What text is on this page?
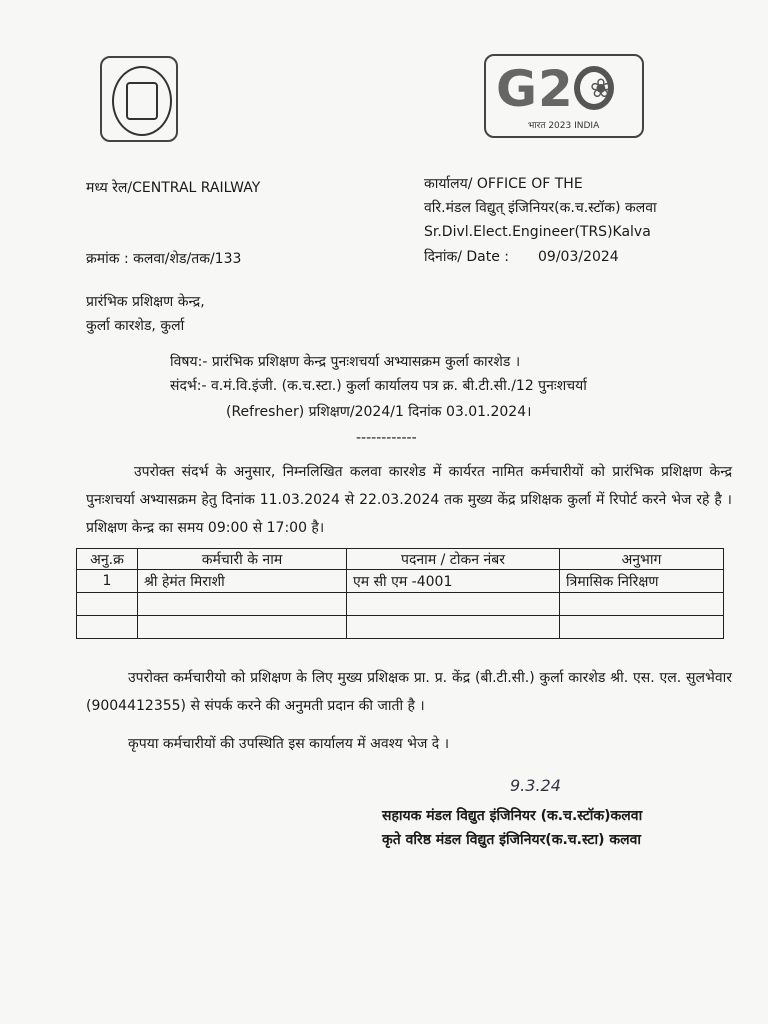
G2 ❀
भारत 2023 INDIA
मध्य रेल/CENTRAL RAILWAY	कार्यालय/ OFFICE OF THE
वरि.मंडल विद्युत् इंजिनियर(क.च.स्टॉक) कलवा
Sr.Divl.Elect.Engineer(TRS)Kalva
क्रमांक : कलवा/शेड/तक/133	दिनांक/ Date : 09/03/2024
प्रारंभिक प्रशिक्षण केन्द्र,
कुर्ला कारशेड, कुर्ला
विषय:- प्रारंभिक प्रशिक्षण केन्द्र पुनःशचर्या अभ्यासक्रम कुर्ला कारशेड ।
संदर्भ:- व.मं.वि.इंजी. (क.च.स्टा.) कुर्ला कार्यालय पत्र क्र. बी.टी.सी./12 पुनःशचर्या
(Refresher) प्रशिक्षण/2024/1 दिनांक 03.01.2024।
------------
उपरोक्त संदर्भ के अनुसार, निम्नलिखित कलवा कारशेड में कार्यरत नामित कर्मचारीयों को प्रारंभिक प्रशिक्षण केन्द्र पुनःशचर्या अभ्यासक्रम हेतु दिनांक 11.03.2024 से 22.03.2024 तक मुख्य केंद्र प्रशिक्षक कुर्ला में रिपोर्ट करने भेज रहे है । प्रशिक्षण केन्द्र का समय 09:00 से 17:00 है।
अनु.क्र	कर्मचारी के नाम	पदनाम / टोकन नंबर	अनुभाग
1	श्री हेमंत मिराशी	एम सी एम -4001	त्रिमासिक निरिक्षण

उपरोक्त कर्मचारीयो को प्रशिक्षण के लिए मुख्य प्रशिक्षक प्रा. प्र. केंद्र (बी.टी.सी.) कुर्ला कारशेड श्री. एस. एल. सुलभेवार (9004412355) से संपर्क करने की अनुमती प्रदान की जाती है ।
कृपया कर्मचारीयों की उपस्थिति इस कार्यालय में अवश्य भेज दे ।
9.3.24
सहायक मंडल विद्युत इंजिनियर (क.च.स्टॉक)कलवा
कृते वरिष्ठ मंडल विद्युत इंजिनियर(क.च.स्टा) कलवा
